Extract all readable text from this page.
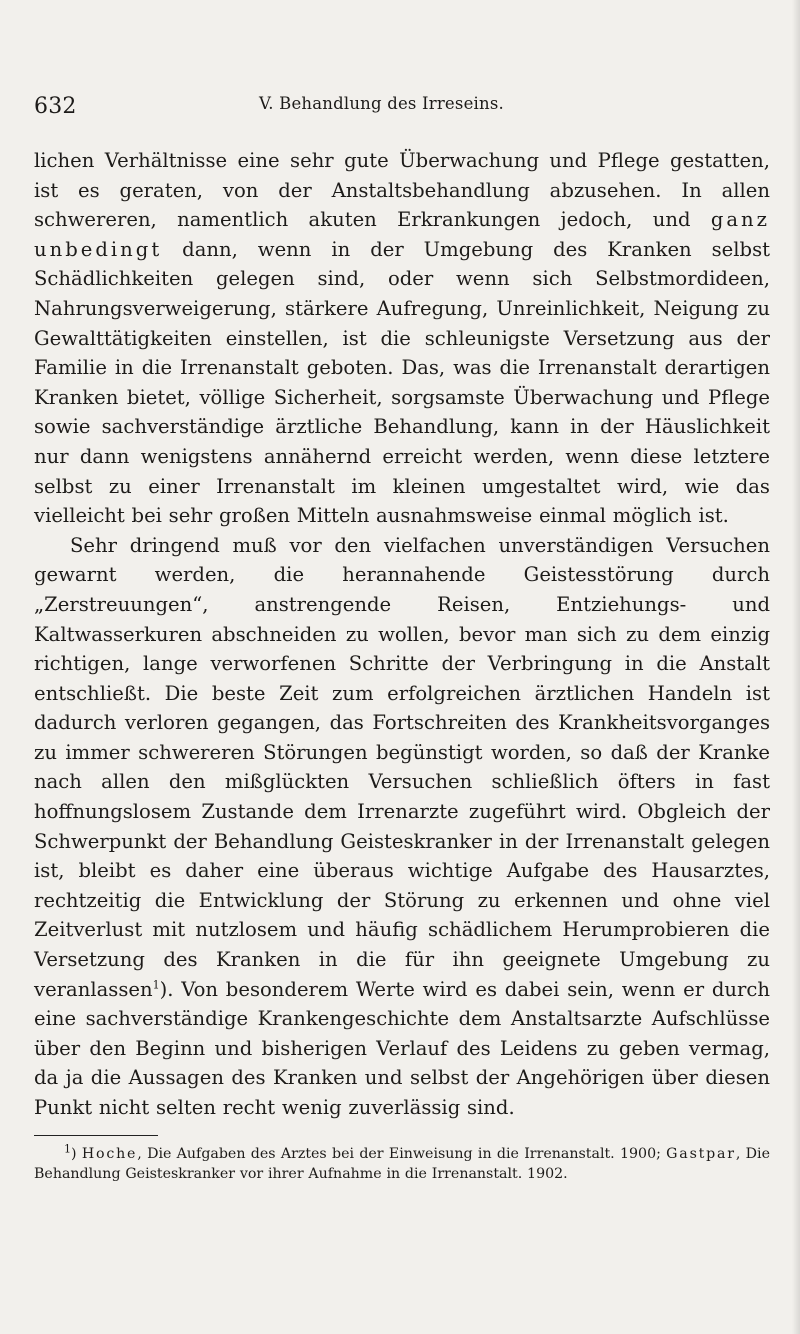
632	V. Behandlung des Irreseins.

lichen Verhältnisse eine sehr gute Überwachung und Pflege gestatten, ist es geraten, von der Anstaltsbehandlung abzusehen. In allen schwereren, namentlich akuten Erkrankungen jedoch, und ganz unbedingt dann, wenn in der Umgebung des Kranken selbst Schädlichkeiten gelegen sind, oder wenn sich Selbstmordideen, Nahrungsverweigerung, stärkere Aufregung, Unreinlichkeit, Neigung zu Gewalttätigkeiten einstellen, ist die schleunigste Versetzung aus der Familie in die Irrenanstalt geboten. Das, was die Irrenanstalt derartigen Kranken bietet, völlige Sicherheit, sorgsamste Überwachung und Pflege sowie sachverständige ärztliche Behandlung, kann in der Häuslichkeit nur dann wenigstens annähernd erreicht werden, wenn diese letztere selbst zu einer Irrenanstalt im kleinen umgestaltet wird, wie das vielleicht bei sehr großen Mitteln ausnahmsweise einmal möglich ist.

Sehr dringend muß vor den vielfachen unverständigen Versuchen gewarnt werden, die herannahende Geistesstörung durch „Zerstreuungen“, anstrengende Reisen, Entziehungs- und Kaltwasserkuren abschneiden zu wollen, bevor man sich zu dem einzig richtigen, lange verworfenen Schritte der Verbringung in die Anstalt entschließt. Die beste Zeit zum erfolgreichen ärztlichen Handeln ist dadurch verloren gegangen, das Fortschreiten des Krankheitsvorganges zu immer schwereren Störungen begünstigt worden, so daß der Kranke nach allen den mißglückten Versuchen schließlich öfters in fast hoffnungslosem Zustande dem Irrenarzte zugeführt wird. Obgleich der Schwerpunkt der Behandlung Geisteskranker in der Irrenanstalt gelegen ist, bleibt es daher eine überaus wichtige Aufgabe des Hausarztes, rechtzeitig die Entwicklung der Störung zu erkennen und ohne viel Zeitverlust mit nutzlosem und häufig schädlichem Herumprobieren die Versetzung des Kranken in die für ihn geeignete Umgebung zu veranlassen$^1$). Von besonderem Werte wird es dabei sein, wenn er durch eine sachverständige Krankengeschichte dem Anstaltsarzte Aufschlüsse über den Beginn und bisherigen Verlauf des Leidens zu geben vermag, da ja die Aussagen des Kranken und selbst der Angehörigen über diesen Punkt nicht selten recht wenig zuverlässig sind.

$^1$) Hoche, Die Aufgaben des Arztes bei der Einweisung in die Irrenanstalt. 1900; Gastpar, Die Behandlung Geisteskranker vor ihrer Aufnahme in die Irrenanstalt. 1902.
